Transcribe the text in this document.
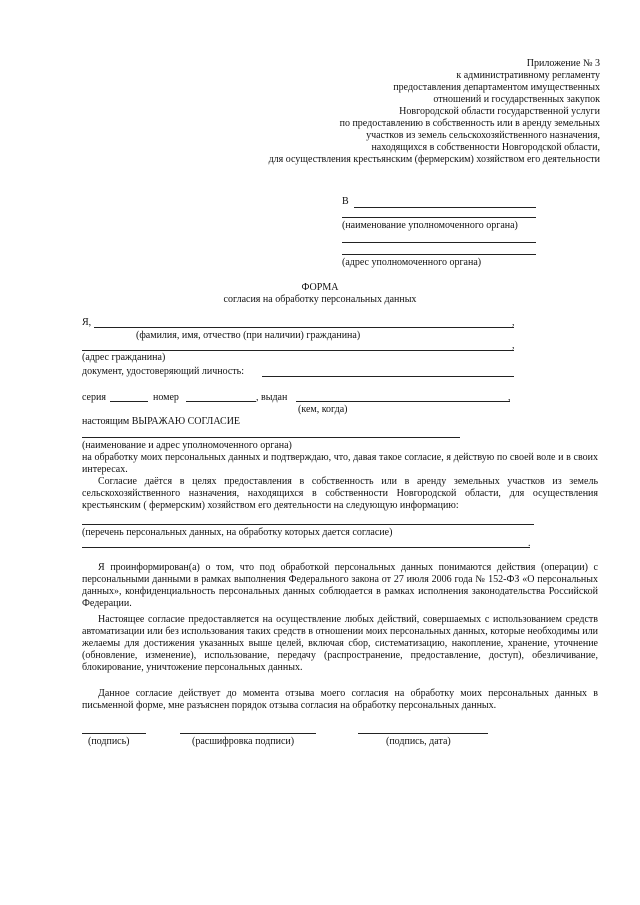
Приложение № 3
к административному регламенту
предоставления департаментом имущественных
отношений и государственных закупок
Новгородской области государственной услуги
по предоставлению в собственность или в аренду земельных
участков из земель сельскохозяйственного назначения,
находящихся в собственности Новгородской области,
для осуществления крестьянским (фермерским) хозяйством его деятельности
В
(наименование уполномоченного органа)
(адрес уполномоченного органа)
ФОРМА
согласия на обработку персональных данных
Я,	,
(фамилия, имя, отчество (при наличии) гражданина)
,
(адрес гражданина)
документ, удостоверяющий личность:
серия	номер	, выдан	,
(кем, когда)
настоящим ВЫРАЖАЮ СОГЛАСИЕ
(наименование и адрес уполномоченного органа)
на обработку моих персональных данных и подтверждаю, что, давая такое согласие, я действую по своей воле и в своих интересах.
Согласие даётся в целях предоставления в собственность или в аренду земельных участков из земель сельскохозяйственного назначения, находящихся в собственности Новгородской области, для осуществления крестьянским ( фермерским) хозяйством его деятельности на следующую информацию:
(перечень персональных данных, на обработку которых дается согласие)
.
Я проинформирован(а) о том, что под обработкой персональных данных понимаются действия (операции) с персональными данными в рамках выполнения Федерального закона от 27 июля 2006 года № 152-ФЗ «О персональных данных», конфиденциальность персональных данных соблюдается в рамках исполнения законодательства Российской Федерации.
Настоящее согласие предоставляется на осуществление любых действий, совершаемых с использованием средств автоматизации или без использования таких средств в отношении моих персональных данных, которые необходимы или желаемы для достижения указанных выше целей, включая сбор, систематизацию, накопление, хранение, уточнение (обновление, изменение), использование, передачу (распространение, предоставление, доступ), обезличивание, блокирование, уничтожение персональных данных.
Данное согласие действует до момента отзыва моего согласия на обработку моих персональных данных в письменной форме, мне разъяснен порядок отзыва согласия на обработку персональных данных.
(подпись)	(расшифровка подписи)	(подпись, дата)
